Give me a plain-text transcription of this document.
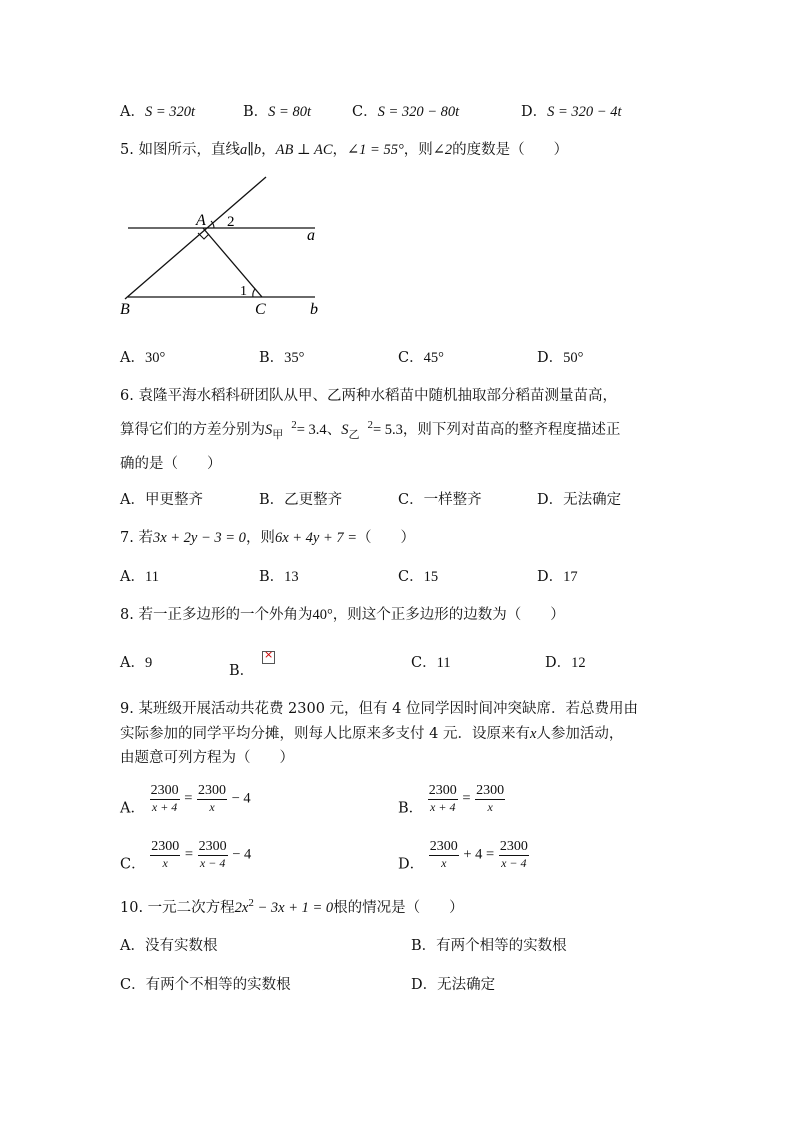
A．S = 320t	B．S = 80t	C．S = 320 − 80t	D．S = 320 − 4t
5. 如图所示，直线a∥b，AB ⊥ AC，∠1 = 55°，则∠2的度数是（　　）
A 2
a
B
1
C	b
A．30°	B．35°	C．45°	D．50°
6. 袁隆平海水稻科研团队从甲、乙两种水稻苗中随机抽取部分稻苗测量苗高，
算得它们的方差分别为$S_甲^2= 3.4$、$S_乙^2= 5.3$，则下列对苗高的整齐程度描述正
确的是（　　）
A．甲更整齐	B．乙更整齐	C．一样整齐	D．无法确定
7. 若3x + 2y − 3 = 0，则6x + 4y + 7 =（　　）
A．11	B．13	C．15	D．17
8. 若一正多边形的一个外角为40°，则这个正多边形的边数为（　　）
A．9	B．
×	C．11	D．12
9. 某班级开展活动共花费 2300 元，但有 4 位同学因时间冲突缺席．若总费用由
实际参加的同学平均分摊，则每人比原来多支付 4 元．设原来有x人参加活动，
由题意可列方程为（　　）
A． $\frac{2300}{x + 4} = \frac{2300}{x} - 4$
B． $\frac{2300}{x + 4} = \frac{2300}{x}$
C． $\frac{2300}{x} = \frac{2300}{x - 4} - 4$
D． $\frac{2300}{x} + 4 = \frac{2300}{x - 4}$
10. 一元二次方程$2x^2 - 3x + 1 = 0$根的情况是（　　）
A．没有实数根	B．有两个相等的实数根
C．有两个不相等的实数根	D．无法确定
